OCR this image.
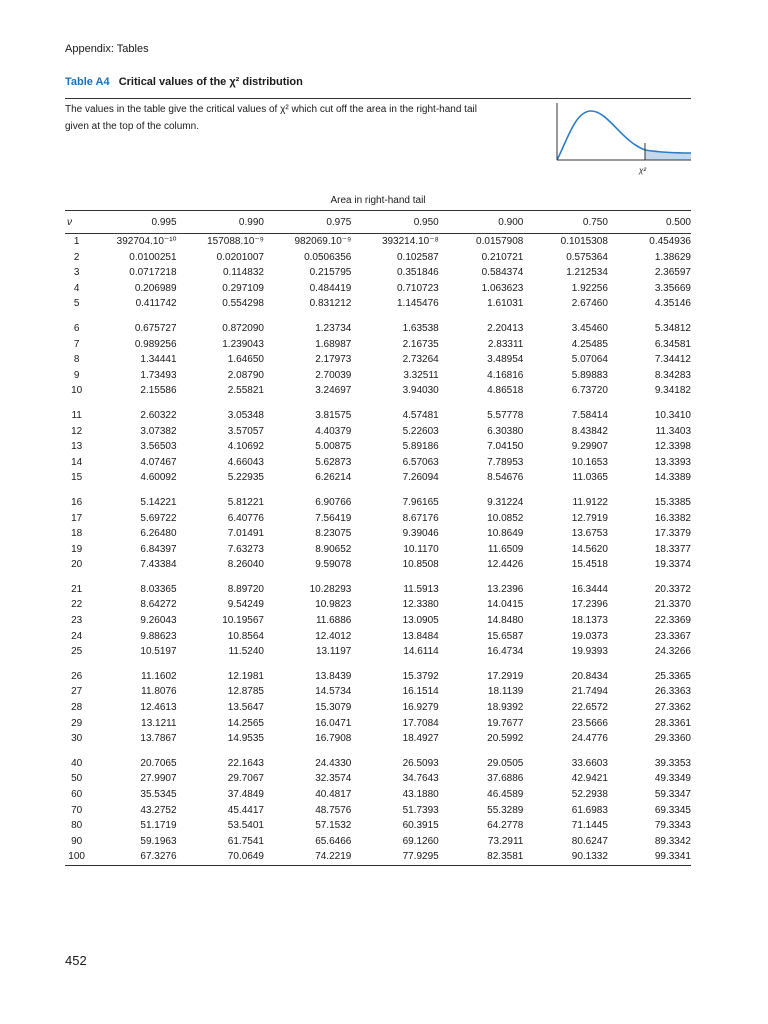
Appendix: Tables
Table A4 Critical values of the χ² distribution
The values in the table give the critical values of χ² which cut off the area in the right-hand tail given at the top of the column.
χ²
Area in right-hand tail
ν	0.995	0.990	0.975	0.950	0.900	0.750	0.500
1	392704.10⁻¹⁰	157088.10⁻⁹	982069.10⁻⁹	393214.10⁻⁸	0.0157908	0.1015308	0.454936
2	0.0100251	0.0201007	0.0506356	0.102587	0.210721	0.575364	1.38629
3	0.0717218	0.114832	0.215795	0.351846	0.584374	1.212534	2.36597
4	0.206989	0.297109	0.484419	0.710723	1.063623	1.92256	3.35669
5	0.411742	0.554298	0.831212	1.145476	1.61031	2.67460	4.35146

6	0.675727	0.872090	1.23734	1.63538	2.20413	3.45460	5.34812
7	0.989256	1.239043	1.68987	2.16735	2.83311	4.25485	6.34581
8	1.34441	1.64650	2.17973	2.73264	3.48954	5.07064	7.34412
9	1.73493	2.08790	2.70039	3.32511	4.16816	5.89883	8.34283
10	2.15586	2.55821	3.24697	3.94030	4.86518	6.73720	9.34182

11	2.60322	3.05348	3.81575	4.57481	5.57778	7.58414	10.3410
12	3.07382	3.57057	4.40379	5.22603	6.30380	8.43842	11.3403
13	3.56503	4.10692	5.00875	5.89186	7.04150	9.29907	12.3398
14	4.07467	4.66043	5.62873	6.57063	7.78953	10.1653	13.3393
15	4.60092	5.22935	6.26214	7.26094	8.54676	11.0365	14.3389

16	5.14221	5.81221	6.90766	7.96165	9.31224	11.9122	15.3385
17	5.69722	6.40776	7.56419	8.67176	10.0852	12.7919	16.3382
18	6.26480	7.01491	8.23075	9.39046	10.8649	13.6753	17.3379
19	6.84397	7.63273	8.90652	10.1170	11.6509	14.5620	18.3377
20	7.43384	8.26040	9.59078	10.8508	12.4426	15.4518	19.3374

21	8.03365	8.89720	10.28293	11.5913	13.2396	16.3444	20.3372
22	8.64272	9.54249	10.9823	12.3380	14.0415	17.2396	21.3370
23	9.26043	10.19567	11.6886	13.0905	14.8480	18.1373	22.3369
24	9.88623	10.8564	12.4012	13.8484	15.6587	19.0373	23.3367
25	10.5197	11.5240	13.1197	14.6114	16.4734	19.9393	24.3266

26	11.1602	12.1981	13.8439	15.3792	17.2919	20.8434	25.3365
27	11.8076	12.8785	14.5734	16.1514	18.1139	21.7494	26.3363
28	12.4613	13.5647	15.3079	16.9279	18.9392	22.6572	27.3362
29	13.1211	14.2565	16.0471	17.7084	19.7677	23.5666	28.3361
30	13.7867	14.9535	16.7908	18.4927	20.5992	24.4776	29.3360

40	20.7065	22.1643	24.4330	26.5093	29.0505	33.6603	39.3353
50	27.9907	29.7067	32.3574	34.7643	37.6886	42.9421	49.3349
60	35.5345	37.4849	40.4817	43.1880	46.4589	52.2938	59.3347
70	43.2752	45.4417	48.7576	51.7393	55.3289	61.6983	69.3345
80	51.1719	53.5401	57.1532	60.3915	64.2778	71.1445	79.3343
90	59.1963	61.7541	65.6466	69.1260	73.2911	80.6247	89.3342
100	67.3276	70.0649	74.2219	77.9295	82.3581	90.1332	99.3341
452
